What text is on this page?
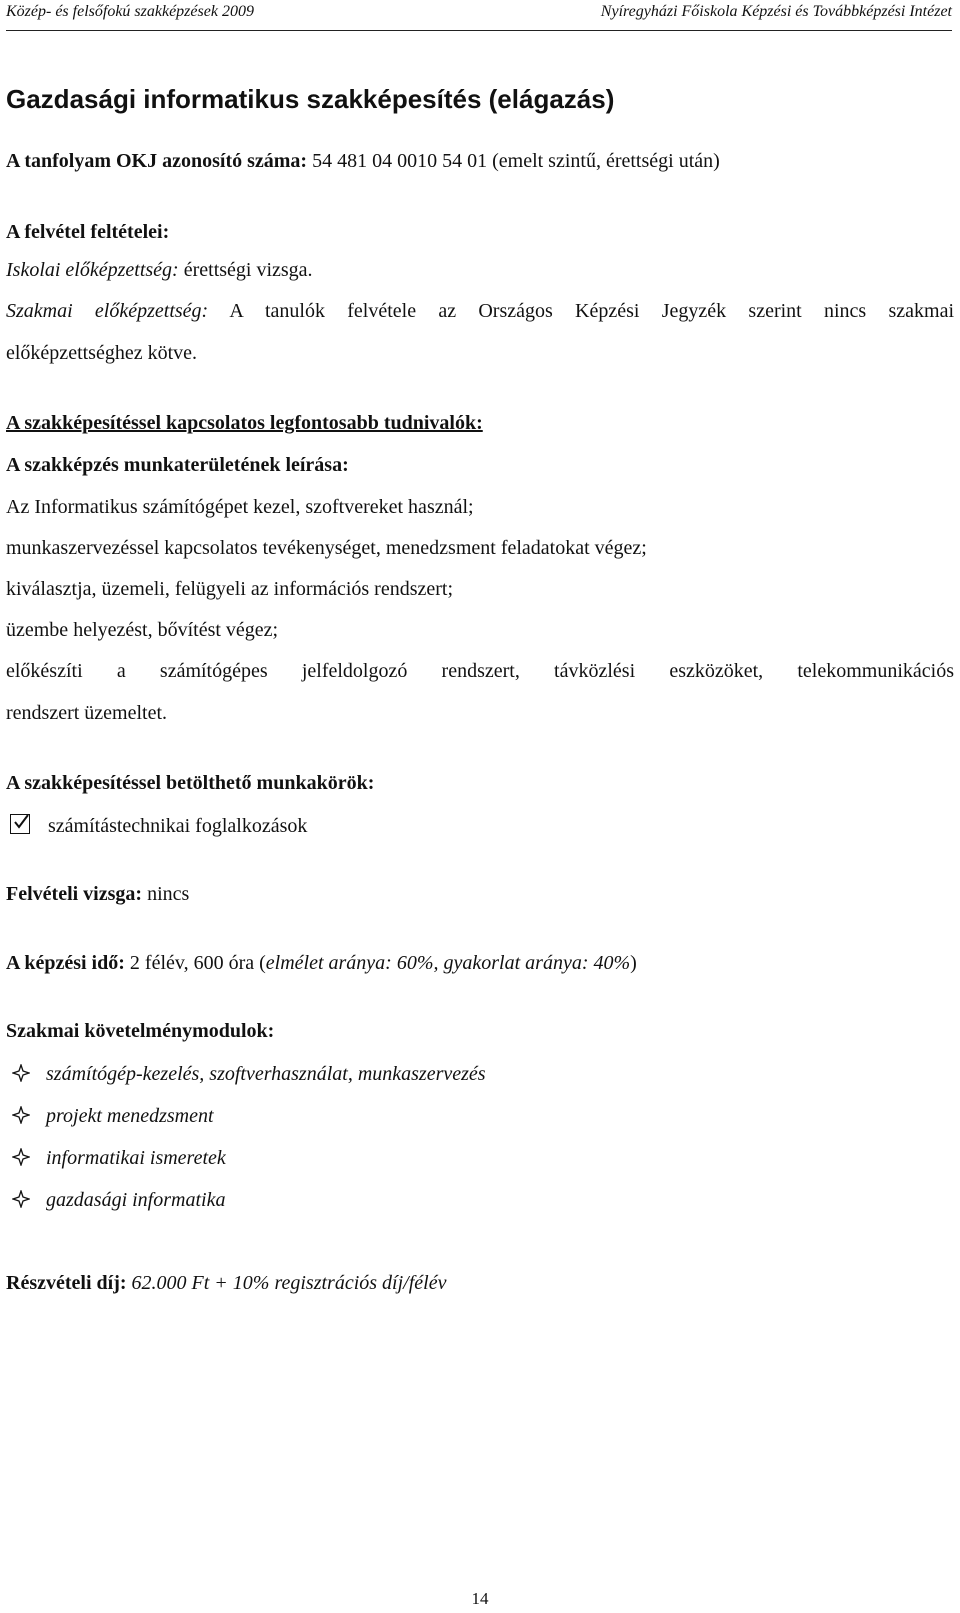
Közép- és felsőfokú szakképzések 2009	Nyíregyházi Főiskola Képzési és Továbbképzési Intézet
Gazdasági informatikus szakképesítés (elágazás)
A tanfolyam OKJ azonosító száma: 54 481 04 0010 54 01 (emelt szintű, érettségi után)
A felvétel feltételei:
Iskolai előképzettség: érettségi vizsga.
Szakmai előképzettség: A tanulók felvétele az Országos Képzési Jegyzék szerint nincs szakmai
előképzettséghez kötve.
A szakképesítéssel kapcsolatos legfontosabb tudnivalók:
A szakképzés munkaterületének leírása:
Az Informatikus számítógépet kezel, szoftvereket használ;
munkaszervezéssel kapcsolatos tevékenységet, menedzsment feladatokat végez;
kiválasztja, üzemeli, felügyeli az információs rendszert;
üzembe helyezést, bővítést végez;
előkészíti a számítógépes jelfeldolgozó rendszert, távközlési eszközöket, telekommunikációs
rendszert üzemeltet.
A szakképesítéssel betölthető munkakörök:
számítástechnikai foglalkozások
Felvételi vizsga: nincs
A képzési idő: 2 félév, 600 óra (elmélet aránya: 60%, gyakorlat aránya: 40%)
Szakmai követelménymodulok:
számítógép-kezelés, szoftverhasználat, munkaszervezés
projekt menedzsment
informatikai ismeretek
gazdasági informatika
Részvételi díj: 62.000 Ft + 10% regisztrációs díj/félév
14
